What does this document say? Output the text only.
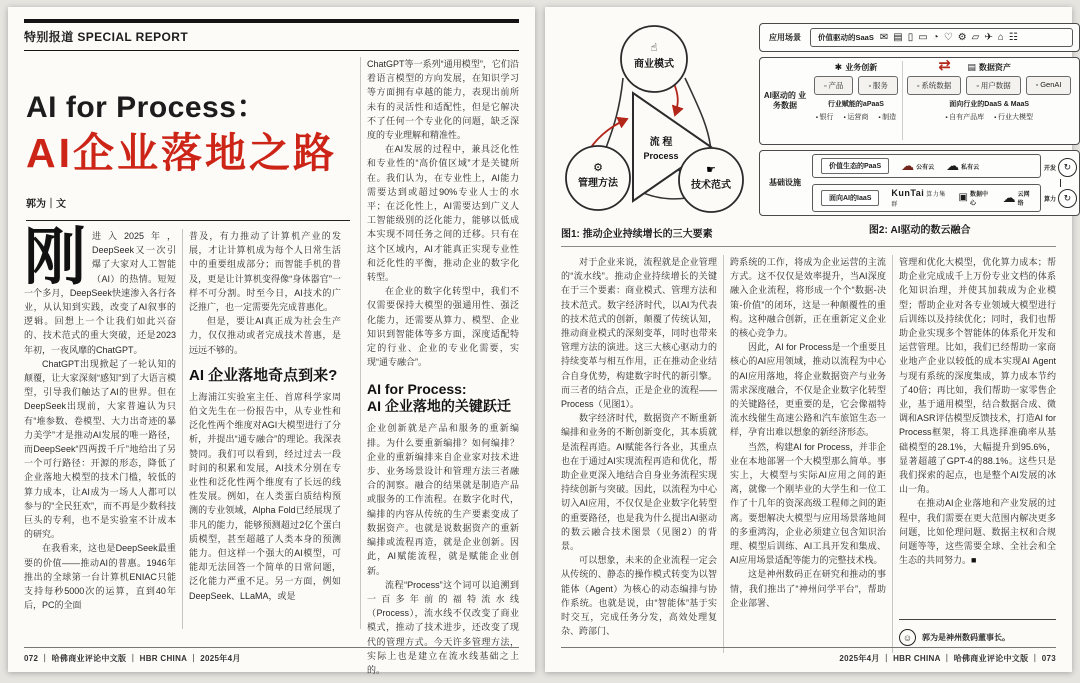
特别报道 SPECIAL REPORT
AI for Process：
AI企业落地之路
郭为｜文

刚进入2025年，DeepSeek又一次引爆了大家对人工智能（AI）的热情。短短一个多月，DeepSeek快速渗入各行各业，从认知到实践，改变了AI叙事的逻辑。回想上一个让我们如此兴奋的、技术范式的重大突破，还是2023年初，一夜风靡的ChatGPT。

ChatGPT出现掀起了一轮认知的颠覆，让大家深刻“感知”到了大语言模型，引导我们触达了AI的世界。但在DeepSeek出现前，大家普遍认为只有“堆参数、卷模型、大力出奇迹的暴力美学”才是推动AI发展的唯一路径，而DeepSeek“四两拨千斤”地给出了另一个可行路径：开源的形态，降低了企业落地大模型的技术门槛，较低的算力成本，让AI成为一场人人都可以参与的“全民狂欢”，而不再是少数科技巨头的专利，也不是实验室不计成本的研究。

在我看来，这也是DeepSeek最重要的价值——推动AI的普惠。1946年推出的全球第一台计算机ENIAC只能支持每秒5000次的运算，直到40年后，PC的全面

普及，有力推动了计算机产业的发展，才让计算机成为每个人日常生活中的重要组成部分；而智能手机的普及，更是让计算机变得像“身体器官”一样不可分割。时至今日，AI技术的广泛推广，也一定需要先完成普惠化。

但是，要让AI真正成为社会生产力，仅仅推动或者完成技术普惠，是远远不够的。

AI 企业落地奇点到来?

上海浦江实验室主任、首席科学家周伯文先生在一份报告中，从专业性和泛化性两个维度对AGI大模型进行了分析，并提出“通专融合”的理论。我深表赞同。我们可以看到，经过过去一段时间的积累和发展，AI技术分别在专业性和泛化性两个维度有了长远的线性发展。例如，在人类蛋白质结构预测的专业领域，Alpha Fold已经展现了非凡的能力，能够预测超过2亿个蛋白质模型，甚至超越了人类本身的预测能力。但这样一个强大的AI模型，可能却无法回答一个简单的日常问题，泛化能力严重不足。另一方面，例如DeepSeek、LLaMA，或是

ChatGPT等一系列“通用模型”，它们沿着语言模型的方向发展，在知识学习等方面拥有卓越的能力，表现出前所未有的灵活性和适配性，但是它解决不了任何一个专业化的问题，缺乏深度的专业理解和精准性。

在AI发展的过程中，兼具泛化性和专业性的“高价值区域”才是关键所在。我们认为，在专业性上，AI能力需要达到或超过90%专业人士的水平；在泛化性上，AI需要达到广义人工智能级别的泛化能力，能够以低成本实现不同任务之间的迁移。只有在这个区域内，AI才能真正实现专业性和泛化性的平衡，推动企业的数字化转型。

在企业的数字化转型中，我们不仅需要保持大模型的强通用性、强泛化能力，还需要从算力、模型、企业知识到智能体等多方面，深度适配特定的行业、企业的专业化需要，实现“通专融合”。

AI for Process:
AI 企业落地的关键跃迁

企业创新就是产品和服务的重新编排。为什么要重新编排？如何编排？企业的重新编排来自企业家对技术进步、业务场景设计和管理方法三者融合的洞察。融合的结果就是制造产品或服务的工作流程。在数字化时代，编排的内容从传统的生产要素变成了数据资产。也就是说数据资产的重新编排或流程再造，就是企业创新。因此，AI赋能流程，就是赋能企业创新。

流程“Process”这个词可以追溯到一百多年前的福特流水线（Process），流水线不仅改变了商业模式，推动了技术进步，还改变了现代的管理方式。今天许多管理方法，实际上也是建立在流水线基础之上的。

072 ｜ 哈佛商业评论中文版 ｜ HBR CHINA ｜ 2025年4月
☝
商业模式
⚙
管理方法
☛
技术范式
流 程
Process
图1: 推动企业持续增长的三大要素
应用场景	价值驱动的SaaS ✉▤▯▭◔♡⚙▱✈⌂☷
AI驱动的 业务数据
⇄
✱ 业务创新
▫ 产品	▫ 服务
行业赋能的aPaaS
▪ 银行	▪ 运营商	▪ 制造
▤ 数据资产
▫ 系统数据	▫ 用户数据	▫ GenAI
面向行业的DaaS & MaaS
▪ 自有产品库	▪ 行业大模型
基础设施
价值生态的PaaS	☁ 公有云 ☁ 私有云
面向AI的IaaS
KunTai 算力集群
▣ 数据中心	☁ 云网络
开发 ↻
算力 ↻
图2: AI驱动的数云融合

对于企业来说，流程就是企业管理的“流水线”。推动企业持续增长的关键在于三个要素：商业模式、管理方法和技术范式。数字经济时代，以AI为代表的技术范式的创新，颠覆了传统认知，推动商业模式的深刻变革，同时也带来管理方法的演进。这三大核心驱动力的持续变革与相互作用，正在推动企业结合自身优势，构建数字时代的新引擎。而三者的结合点，正是企业的流程——Process（见图1）。

数字经济时代，数据资产不断重新编排和业务的不断创新变化，其本质就是流程再造。AI赋能各行各业，其重点也在于通过AI实现流程再造和优化，帮助企业更深入地结合自身业务流程实现持续创新与突破。因此，以流程为中心切入AI应用，不仅仅是企业数字化转型的重要路径，也是我为什么提出AI驱动的数云融合技术图景（见图2）的背景。

可以想象，未来的企业流程一定会从传统的、静态的操作模式转变为以智能体（Agent）为核心的动态编排与协作系统。也就是说，由“智能体”基于实时交互，完成任务分发，高效处理复杂、跨部门、

跨系统的工作，将成为企业运营的主流方式。这不仅仅是效率提升，当AI深度融入企业流程，将形成一个个“数据-决策-价值”的闭环，这是一种颠覆性的重构。这种融合创新，正在重新定义企业的核心竞争力。

因此，AI for Process是一个重要且核心的AI应用领域，推动以流程为中心的AI应用落地，将企业数据资产与业务需求深度融合，不仅是企业数字化转型的关键路径，更重要的是，它会像福特流水线催生高速公路和汽车旅馆生态一样，孕育出难以想象的新经济形态。

当然，构建AI for Process，并非企业在本地部署一个大模型那么简单。事实上，大模型与实际AI应用之间的距离，就像一个刚毕业的大学生和一位工作了十几年的资深高级工程师之间的距离。要想解决大模型与应用场景落地间的多重鸿沟，企业必须建立包含知识治理、模型后训练、AI工具开发和集成、AI应用场景适配等能力的完整技术栈。

这是神州数码正在研究和推动的事情，我们推出了“神州问学平台”，帮助企业部署、

管理和优化大模型，优化算力成本；帮助企业完成成千上万份专业文档的体系化知识治理，并使其加载成为企业模型；帮助企业对各专业领域大模型进行后训练以及持续优化；同时，我们也帮助企业实现多个智能体的体系化开发和运营管理。比如，我们已经帮助一家商业地产企业以较低的成本实现AI Agent与现有系统的深度集成，算力成本节约了40倍；再比如，我们帮助一家零售企业，基于通用模型，结合数据合成、微调和ASR评估模型反馈技术，打造AI for Process框架，将工具选择准确率从基础模型的28.1%，大幅提升到95.6%，显著超越了GPT-4的88.1%。这些只是我们探索的起点，也是整个AI发展的冰山一角。

在推动AI企业落地和产业发展的过程中，我们需要在更大范围内解决更多问题，比如伦理问题、数据主权和合规问题等等，这些需要全球、全社会和全生态的共同努力。■

☺	郭为是神州数码董事长。
2025年4月 ｜ HBR CHINA ｜ 哈佛商业评论中文版 ｜ 073
